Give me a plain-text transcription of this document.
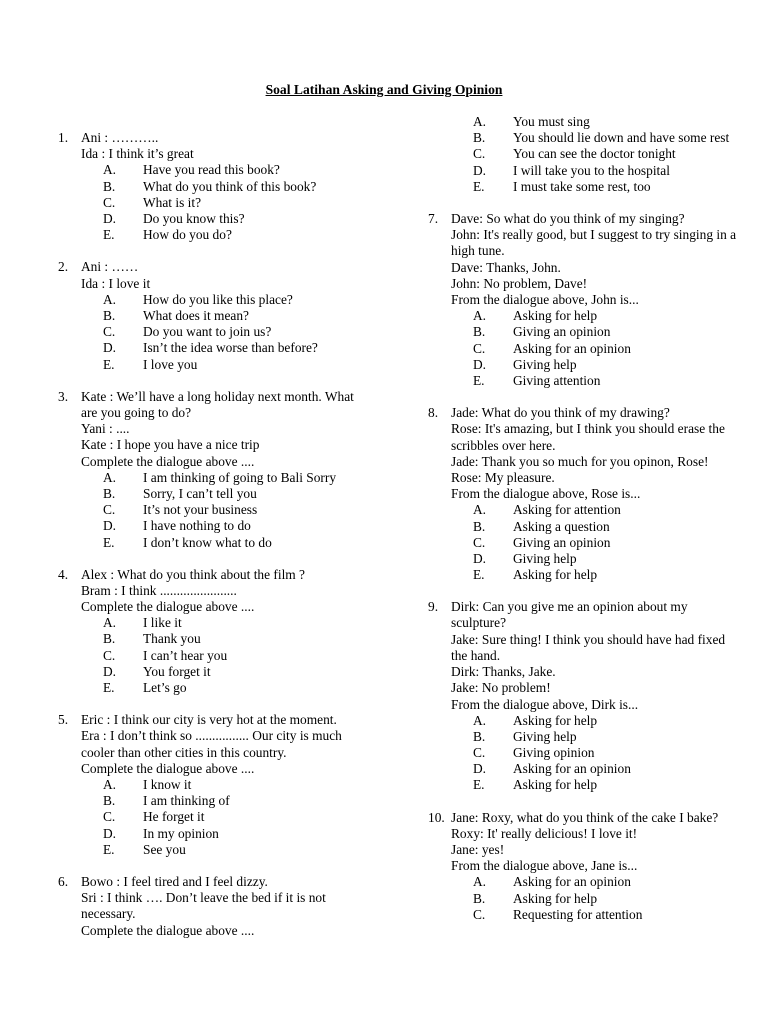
Soal Latihan Asking and Giving Opinion
1. Ani : ………..
Ida : I think it’s great
A. Have you read this book?
B. What do you think of this book?
C. What is it?
D. Do you know this?
E. How do you do?
2. Ani : ……
Ida : I love it
A. How do you like this place?
B. What does it mean?
C. Do you want to join us?
D. Isn’t the idea worse than before?
E. I love you
3. Kate : We’ll have a long holiday next month. What are you going to do?
Yani : ....
Kate : I hope you have a nice trip
Complete the dialogue above ....
A. I am thinking of going to Bali Sorry
B. Sorry, I can’t tell you
C. It’s not your business
D. I have nothing to do
E. I don’t know what to do
4. Alex : What do you think about the film ?
Bram : I think .......................
Complete the dialogue above ....
A. I like it
B. Thank you
C. I can’t hear you
D. You forget it
E. Let’s go
5. Eric : I think our city is very hot at the moment.
Era : I don’t think so ................ Our city is much cooler than other cities in this country.
Complete the dialogue above ....
A. I know it
B. I am thinking of
C. He forget it
D. In my opinion
E. See you
6. Bowo : I feel tired and I feel dizzy.
Sri : I think …. Don’t leave the bed if it is not necessary.
Complete the dialogue above ....
A. You must sing
B. You should lie down and have some rest
C. You can see the doctor tonight
D. I will take you to the hospital
E. I must take some rest, too
7. Dave: So what do you think of my singing?
John: It's really good, but I suggest to try singing in a high tune.
Dave: Thanks, John.
John: No problem, Dave!
From the dialogue above, John is...
A. Asking for help
B. Giving an opinion
C. Asking for an opinion
D. Giving help
E. Giving attention
8. Jade: What do you think of my drawing?
Rose: It's amazing, but I think you should erase the scribbles over here.
Jade: Thank you so much for you opinon, Rose!
Rose: My pleasure.
From the dialogue above, Rose is...
A. Asking for attention
B. Asking a question
C. Giving an opinion
D. Giving help
E. Asking for help
9. Dirk: Can you give me an opinion about my sculpture?
Jake: Sure thing! I think you should have had fixed the hand.
Dirk: Thanks, Jake.
Jake: No problem!
From the dialogue above, Dirk is...
A. Asking for help
B. Giving help
C. Giving opinion
D. Asking for an opinion
E. Asking for help
10. Jane: Roxy, what do you think of the cake I bake?
Roxy: It' really delicious! I love it!
Jane: yes!
From the dialogue above, Jane is...
A. Asking for an opinion
B. Asking for help
C. Requesting for attention
